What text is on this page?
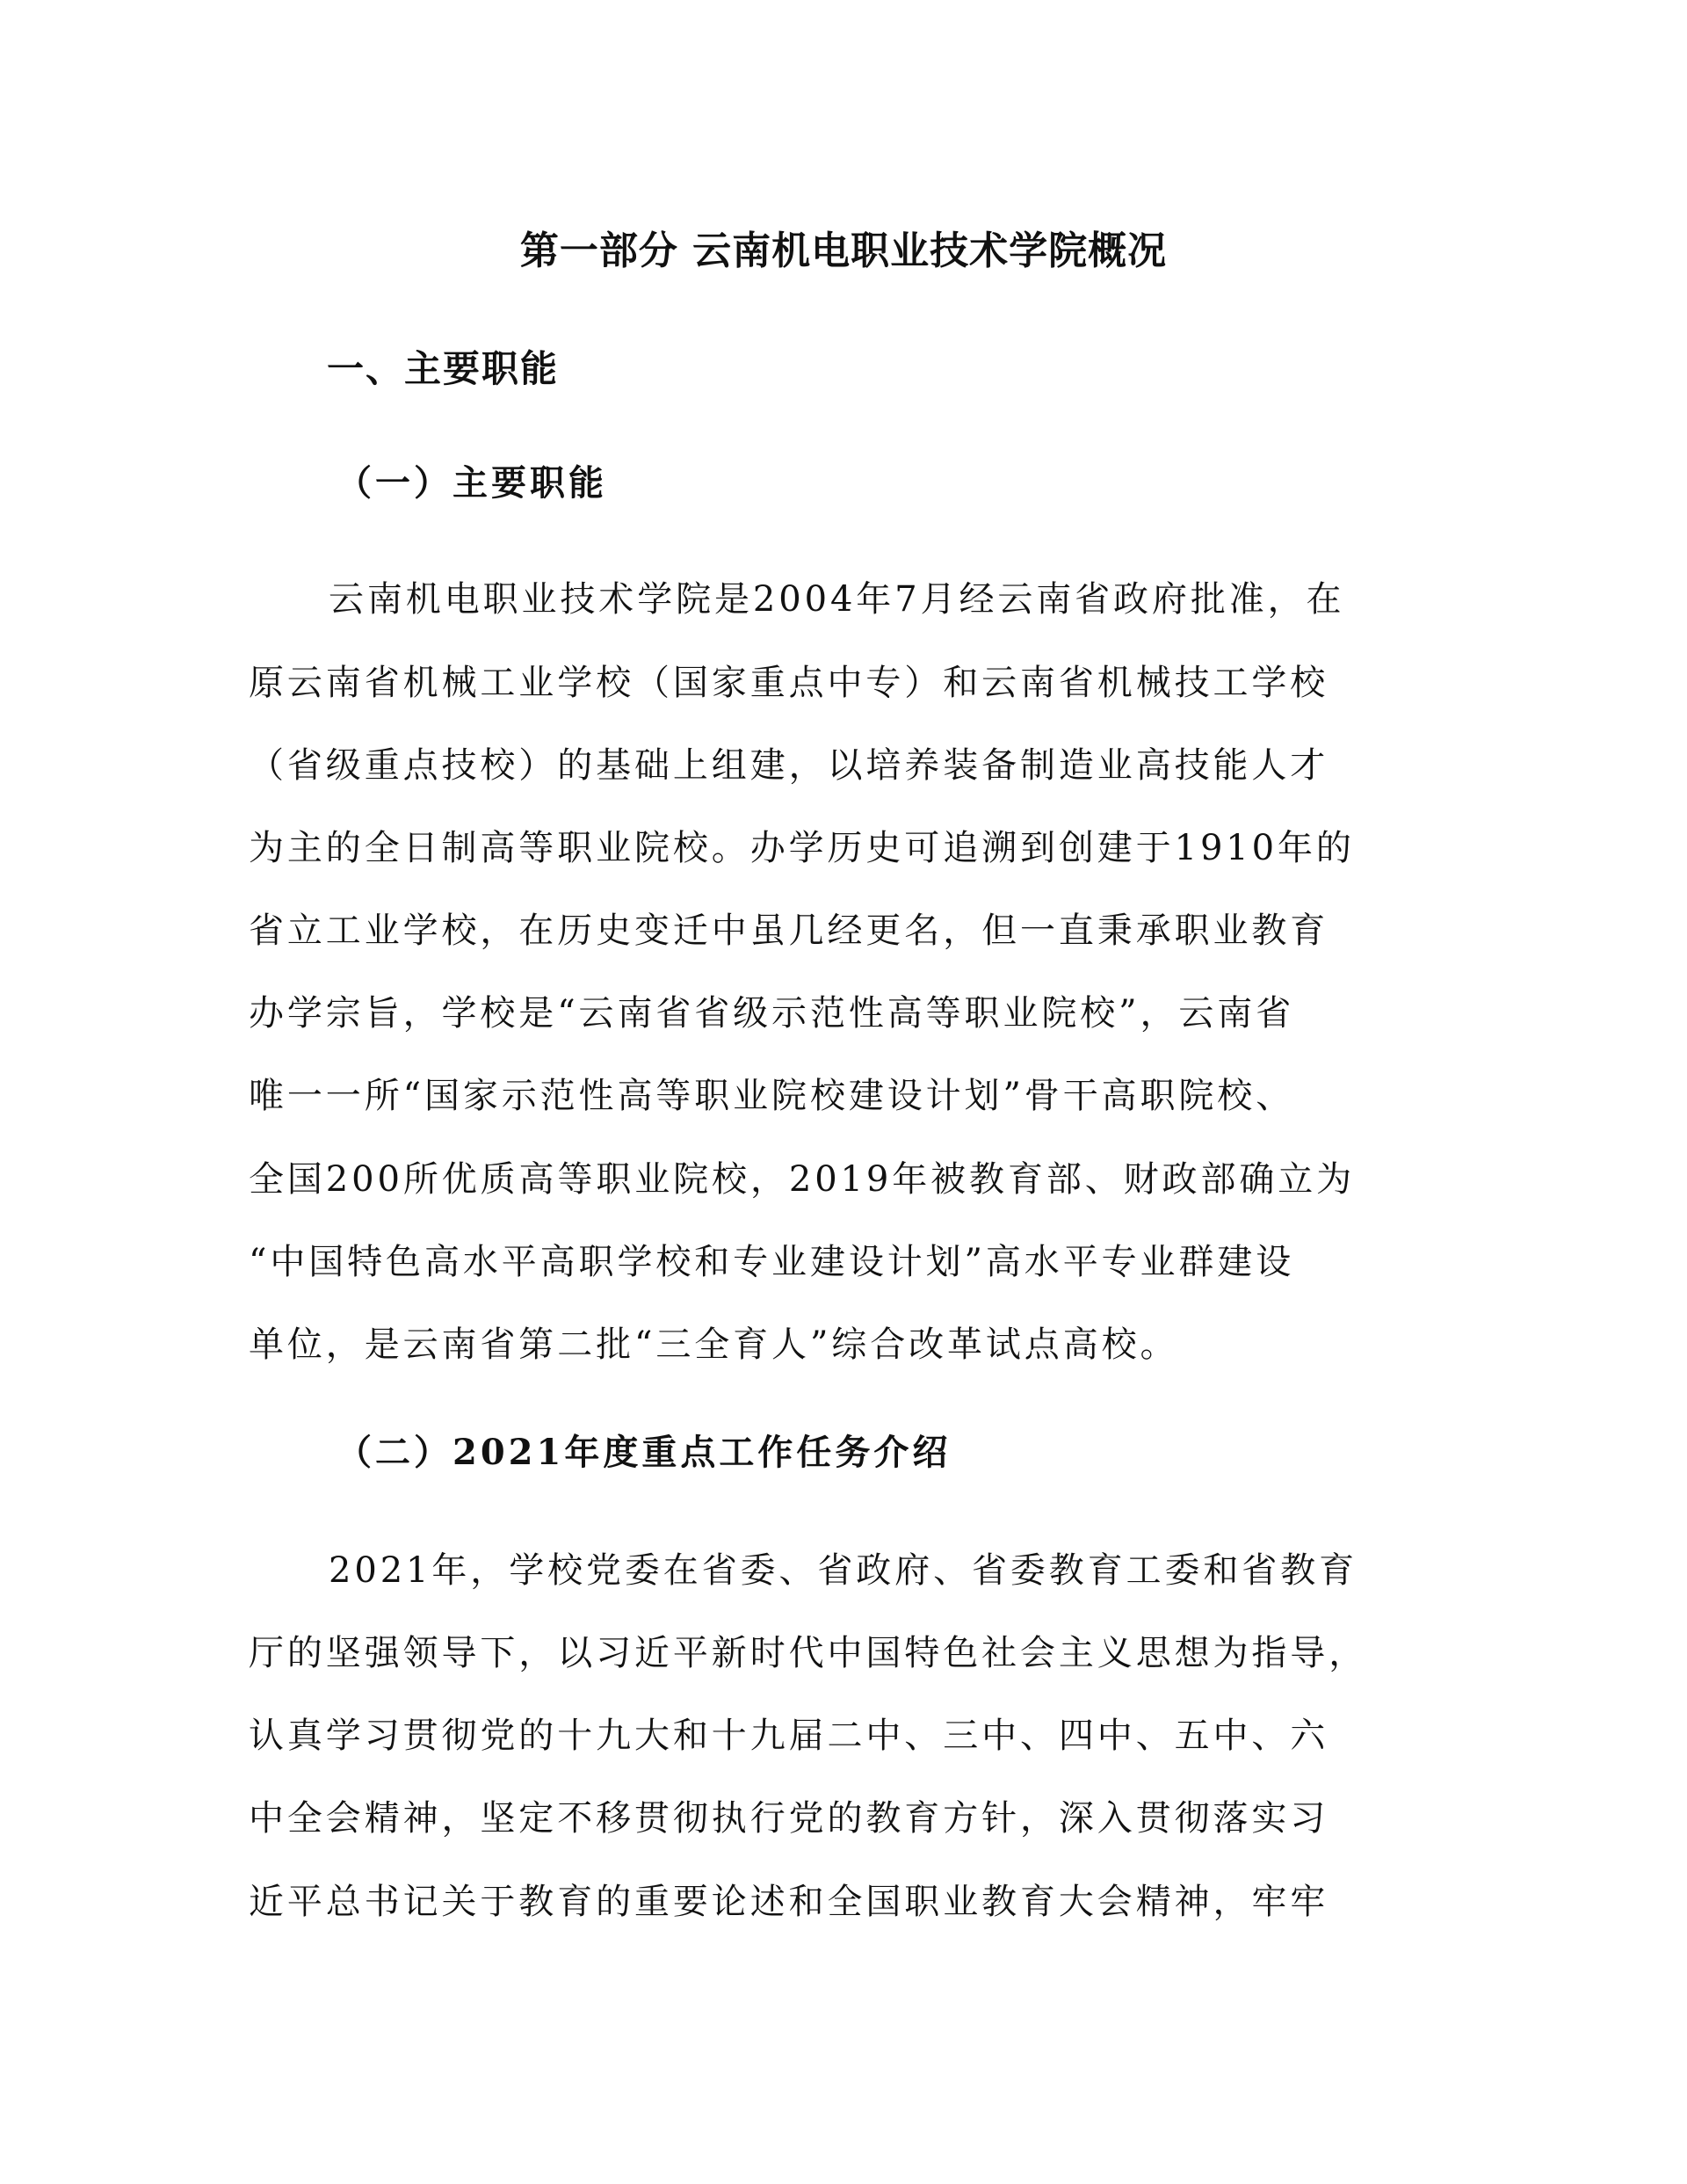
第一部分 云南机电职业技术学院概况
一、主要职能
（一）主要职能
云南机电职业技术学院是2004年7月经云南省政府批准，在
原云南省机械工业学校（国家重点中专）和云南省机械技工学校
（省级重点技校）的基础上组建，以培养装备制造业高技能人才
为主的全日制高等职业院校。办学历史可追溯到创建于1910年的
省立工业学校，在历史变迁中虽几经更名，但一直秉承职业教育
办学宗旨，学校是“云南省省级示范性高等职业院校”，云南省
唯一一所“国家示范性高等职业院校建设计划”骨干高职院校、
全国200所优质高等职业院校，2019年被教育部、财政部确立为
“中国特色高水平高职学校和专业建设计划”高水平专业群建设
单位，是云南省第二批“三全育人”综合改革试点高校。
（二）2021年度重点工作任务介绍
2021年，学校党委在省委、省政府、省委教育工委和省教育
厅的坚强领导下，以习近平新时代中国特色社会主义思想为指导，
认真学习贯彻党的十九大和十九届二中、三中、四中、五中、六
中全会精神，坚定不移贯彻执行党的教育方针，深入贯彻落实习
近平总书记关于教育的重要论述和全国职业教育大会精神，牢牢
